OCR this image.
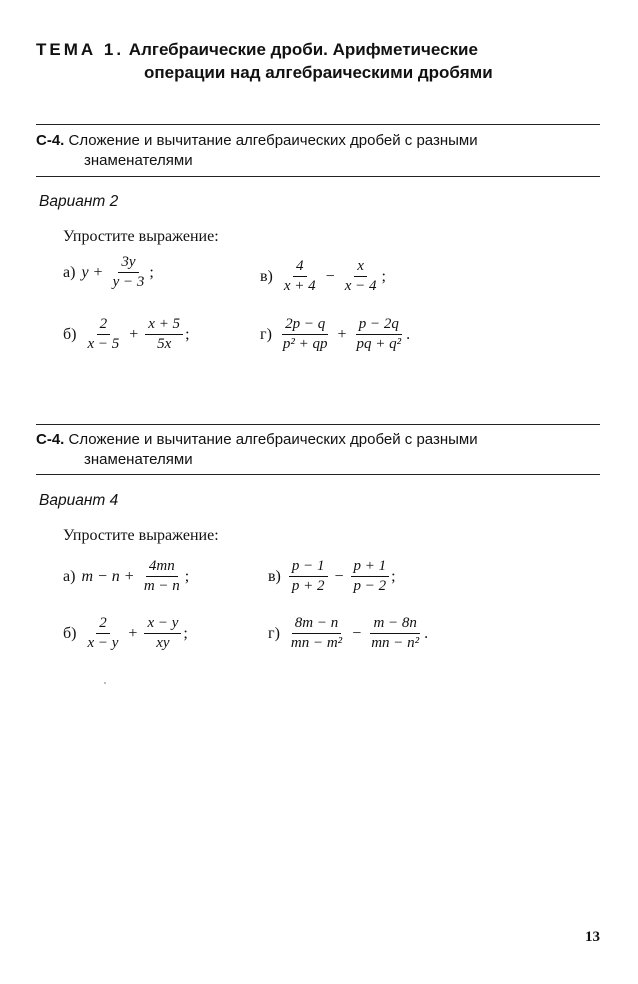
ТЕМА 1. Алгебраические дроби. Арифметические
операции над алгебраическими дробями
С-4. Сложение и вычитание алгебраических дробей с разными
знаменателями
Вариант 2
Упростите выражение:
а) $y + \frac{3y}{y - 3}$ ;	$в) \frac{4}{x + 4} - \frac{x}{x - 4}$ ;
$б) \frac{2}{x - 5} + \frac{x + 5}{5x}$ ;	$г) \frac{2p - q}{\text{p² + qp}} + \frac{p - 2q}{\text{pq + q²}}$ .
С-4. Сложение и вычитание алгебраических дробей с разными
знаменателями
Вариант 4
Упростите выражение:
а) $m - n + \frac{4mn}{m - n}$ ;	$в) \frac{p - 1}{p + 2} - \frac{p + 1}{p - 2}$ ;
$б) \frac{2}{x - y} + \frac{x - y}{xy}$ ;	$г) \frac{8m - n}{\text{mn − m²}} - \frac{m - 8n}{\text{mn − n²}}$ .
13
